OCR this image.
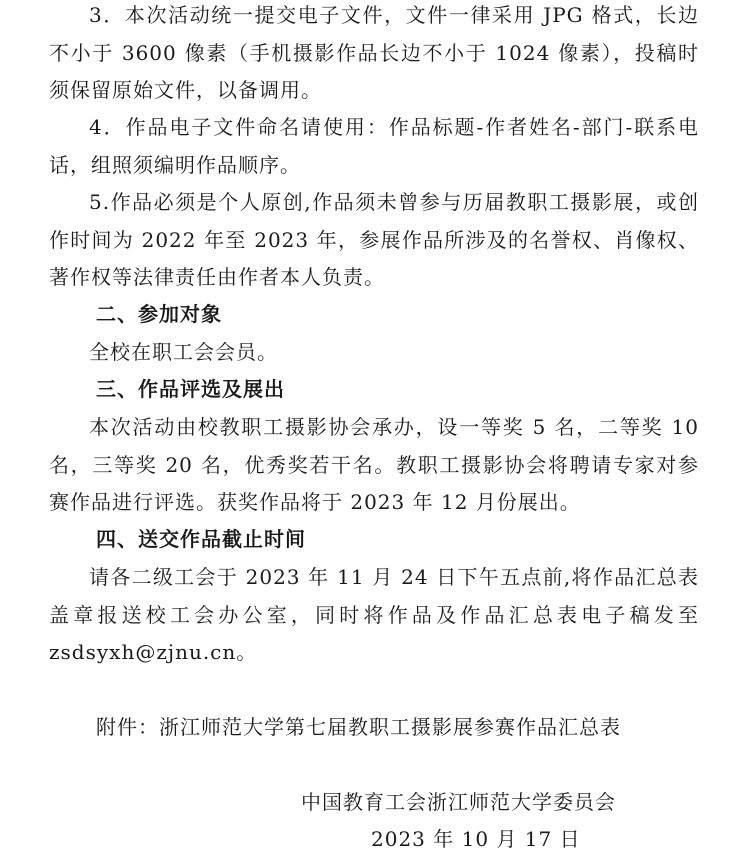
3．本次活动统一提交电子文件，文件一律采用 JPG 格式，长边不小于 3600 像素（手机摄影作品长边不小于 1024 像素），投稿时须保留原始文件，以备调用。

4．作品电子文件命名请使用：作品标题-作者姓名-部门-联系电话，组照须编明作品顺序。

5.作品必须是个人原创,作品须未曾参与历届教职工摄影展，或创作时间为 2022 年至 2023 年，参展作品所涉及的名誉权、肖像权、著作权等法律责任由作者本人负责。

二、参加对象

全校在职工会会员。

三、作品评选及展出

本次活动由校教职工摄影协会承办，设一等奖 5 名，二等奖 10 名，三等奖 20 名，优秀奖若干名。教职工摄影协会将聘请专家对参赛作品进行评选。获奖作品将于 2023 年 12 月份展出。

四、送交作品截止时间

请各二级工会于 2023 年 11 月 24 日下午五点前,将作品汇总表盖章报送校工会办公室，同时将作品及作品汇总表电子稿发至 zsdsyxh@zjnu.cn。

附件：浙江师范大学第七届教职工摄影展参赛作品汇总表

中国教育工会浙江师范大学委员会

2023 年 10 月 17 日
